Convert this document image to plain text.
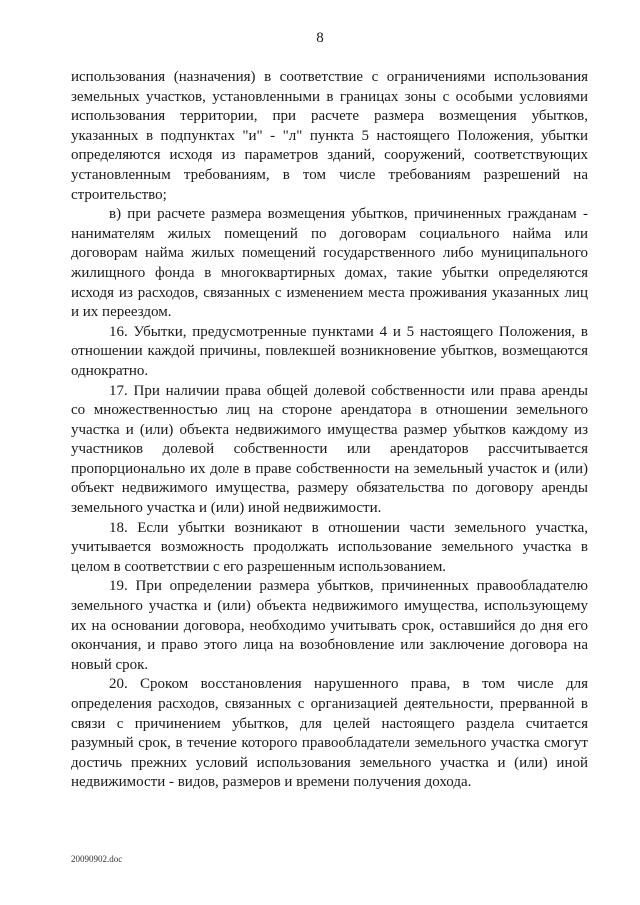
8

использования (назначения) в соответствие с ограничениями использования земельных участков, установленными в границах зоны с особыми условиями использования территории, при расчете размера возмещения убытков, указанных в подпунктах "и" - "л" пункта 5 настоящего Положения, убытки определяются исходя из параметров зданий, сооружений, соответствующих установленным требованиям, в том числе требованиям разрешений на строительство;

в) при расчете размера возмещения убытков, причиненных гражданам - нанимателям жилых помещений по договорам социального найма или договорам найма жилых помещений государственного либо муниципального жилищного фонда в многоквартирных домах, такие убытки определяются исходя из расходов, связанных с изменением места проживания указанных лиц и их переездом.

16. Убытки, предусмотренные пунктами 4 и 5 настоящего Положения, в отношении каждой причины, повлекшей возникновение убытков, возмещаются однократно.

17. При наличии права общей долевой собственности или права аренды со множественностью лиц на стороне арендатора в отношении земельного участка и (или) объекта недвижимого имущества размер убытков каждому из участников долевой собственности или арендаторов рассчитывается пропорционально их доле в праве собственности на земельный участок и (или) объект недвижимого имущества, размеру обязательства по договору аренды земельного участка и (или) иной недвижимости.

18. Если убытки возникают в отношении части земельного участка, учитывается возможность продолжать использование земельного участка в целом в соответствии с его разрешенным использованием.

19. При определении размера убытков, причиненных правообладателю земельного участка и (или) объекта недвижимого имущества, использующему их на основании договора, необходимо учитывать срок, оставшийся до дня его окончания, и право этого лица на возобновление или заключение договора на новый срок.

20. Сроком восстановления нарушенного права, в том числе для определения расходов, связанных с организацией деятельности, прерванной в связи с причинением убытков, для целей настоящего раздела считается разумный срок, в течение которого правообладатели земельного участка смогут достичь прежних условий использования земельного участка и (или) иной недвижимости - видов, размеров и времени получения дохода.

20090902.doc
